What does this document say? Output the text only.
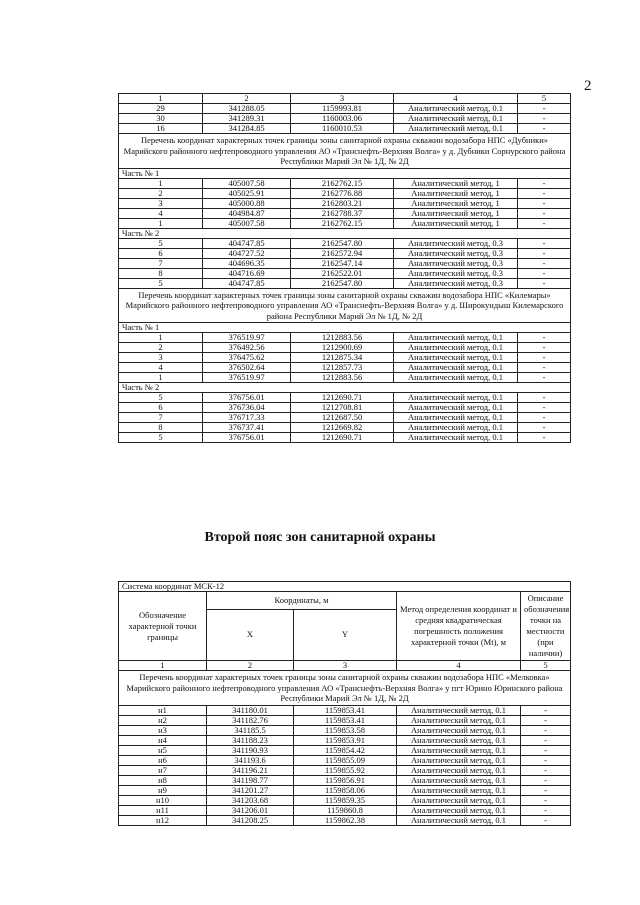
2
1	2	3	4	5
29	341288.05	1159993.81	Аналитический метод, 0.1	-
30	341289.31	1160003.06	Аналитический метод, 0.1	-
16	341284.85	1160010.53	Аналитический метод, 0.1	-
Перечень координат характерных точек границы зоны санитарной охраны скважин водозабора НПС «Дубники» Марийского районного нефтепроводного управления АО «Транснефть-Верхняя Волга» у д. Дубники Сорнурского района Республики Марий Эл № 1Д, № 2Д				
Часть № 1				
1	405007.58	2162762.15	Аналитический метод, 1	-
2	405025.91	2162776.88	Аналитический метод, 1	-
3	405000.88	2162803.21	Аналитический метод, 1	-
4	404984.87	2162788.37	Аналитический метод, 1	-
1	405007.58	2162762.15	Аналитический метод, 1	-
Часть № 2				
5	404747.85	2162547.80	Аналитический метод, 0.3	-
6	404727.52	2162572.94	Аналитический метод, 0.3	-
7	404696.35	2162547.14	Аналитический метод, 0.3	-
8	404716.69	2162522.01	Аналитический метод, 0.3	-
5	404747.85	2162547.80	Аналитический метод, 0.3	-
Перечень координат характерных точек границы зоны санитарной охраны скважин водозабора НПС «Килемары» Марийского районного нефтепроводного управления АО «Транснефть-Верхняя Волга» у д. Широкундыш Килемарского района Республики Марий Эл № 1Д, № 2Д				
Часть № 1				
1	376519.97	1212883.56	Аналитический метод, 0.1	-
2	376492.56	1212900.69	Аналитический метод, 0.1	-
3	376475.62	1212875.34	Аналитический метод, 0.1	-
4	376502.64	1212857.73	Аналитический метод, 0.1	-
1	376519.97	1212883.56	Аналитический метод, 0.1	-
Часть № 2				
5	376756.01	1212690.71	Аналитический метод, 0.1	-
6	376736.04	1212708.81	Аналитический метод, 0.1	-
7	376717.33	1212687.50	Аналитический метод, 0.1	-
8	376737.41	1212669.82	Аналитический метод, 0.1	-
5	376756.01	1212690.71	Аналитический метод, 0.1	-
Второй пояс зон санитарной охраны
Система координат МСК-12				
Обозначение характерной точки границы	Координаты, м		Метод определения координат и средняя квадратическая погрешность положения характерной точки (Mt), м	Описание обозначения точки на местности (при наличии)
	X	Y		
1	2	3	4	5
Перечень координат характерных точек границы зоны санитарной охраны скважин водозабора НПС «Мелковка» Марийского районного нефтепроводного управления АО «Транснефть-Верхняя Волга» у пгт Юрино Юринского района Республики Марий Эл № 1Д, № 2Д				
н1	341180.01	1159853.41	Аналитический метод, 0.1	-
н2	341182.76	1159853.41	Аналитический метод, 0.1	-
н3	341185.5	1159853.58	Аналитический метод, 0.1	-
н4	341188.23	1159853.91	Аналитический метод, 0.1	-
н5	341190.93	1159854.42	Аналитический метод, 0.1	-
н6	341193.6	1159855.09	Аналитический метод, 0.1	-
н7	341196.21	1159855.92	Аналитический метод, 0.1	-
н8	341198.77	1159856.91	Аналитический метод, 0.1	-
н9	341201.27	1159858.06	Аналитический метод, 0.1	-
н10	341203.68	1159859.35	Аналитический метод, 0.1	-
н11	341206.01	1159860.8	Аналитический метод, 0.1	-
н12	341208.25	1159862.38	Аналитический метод, 0.1	-
